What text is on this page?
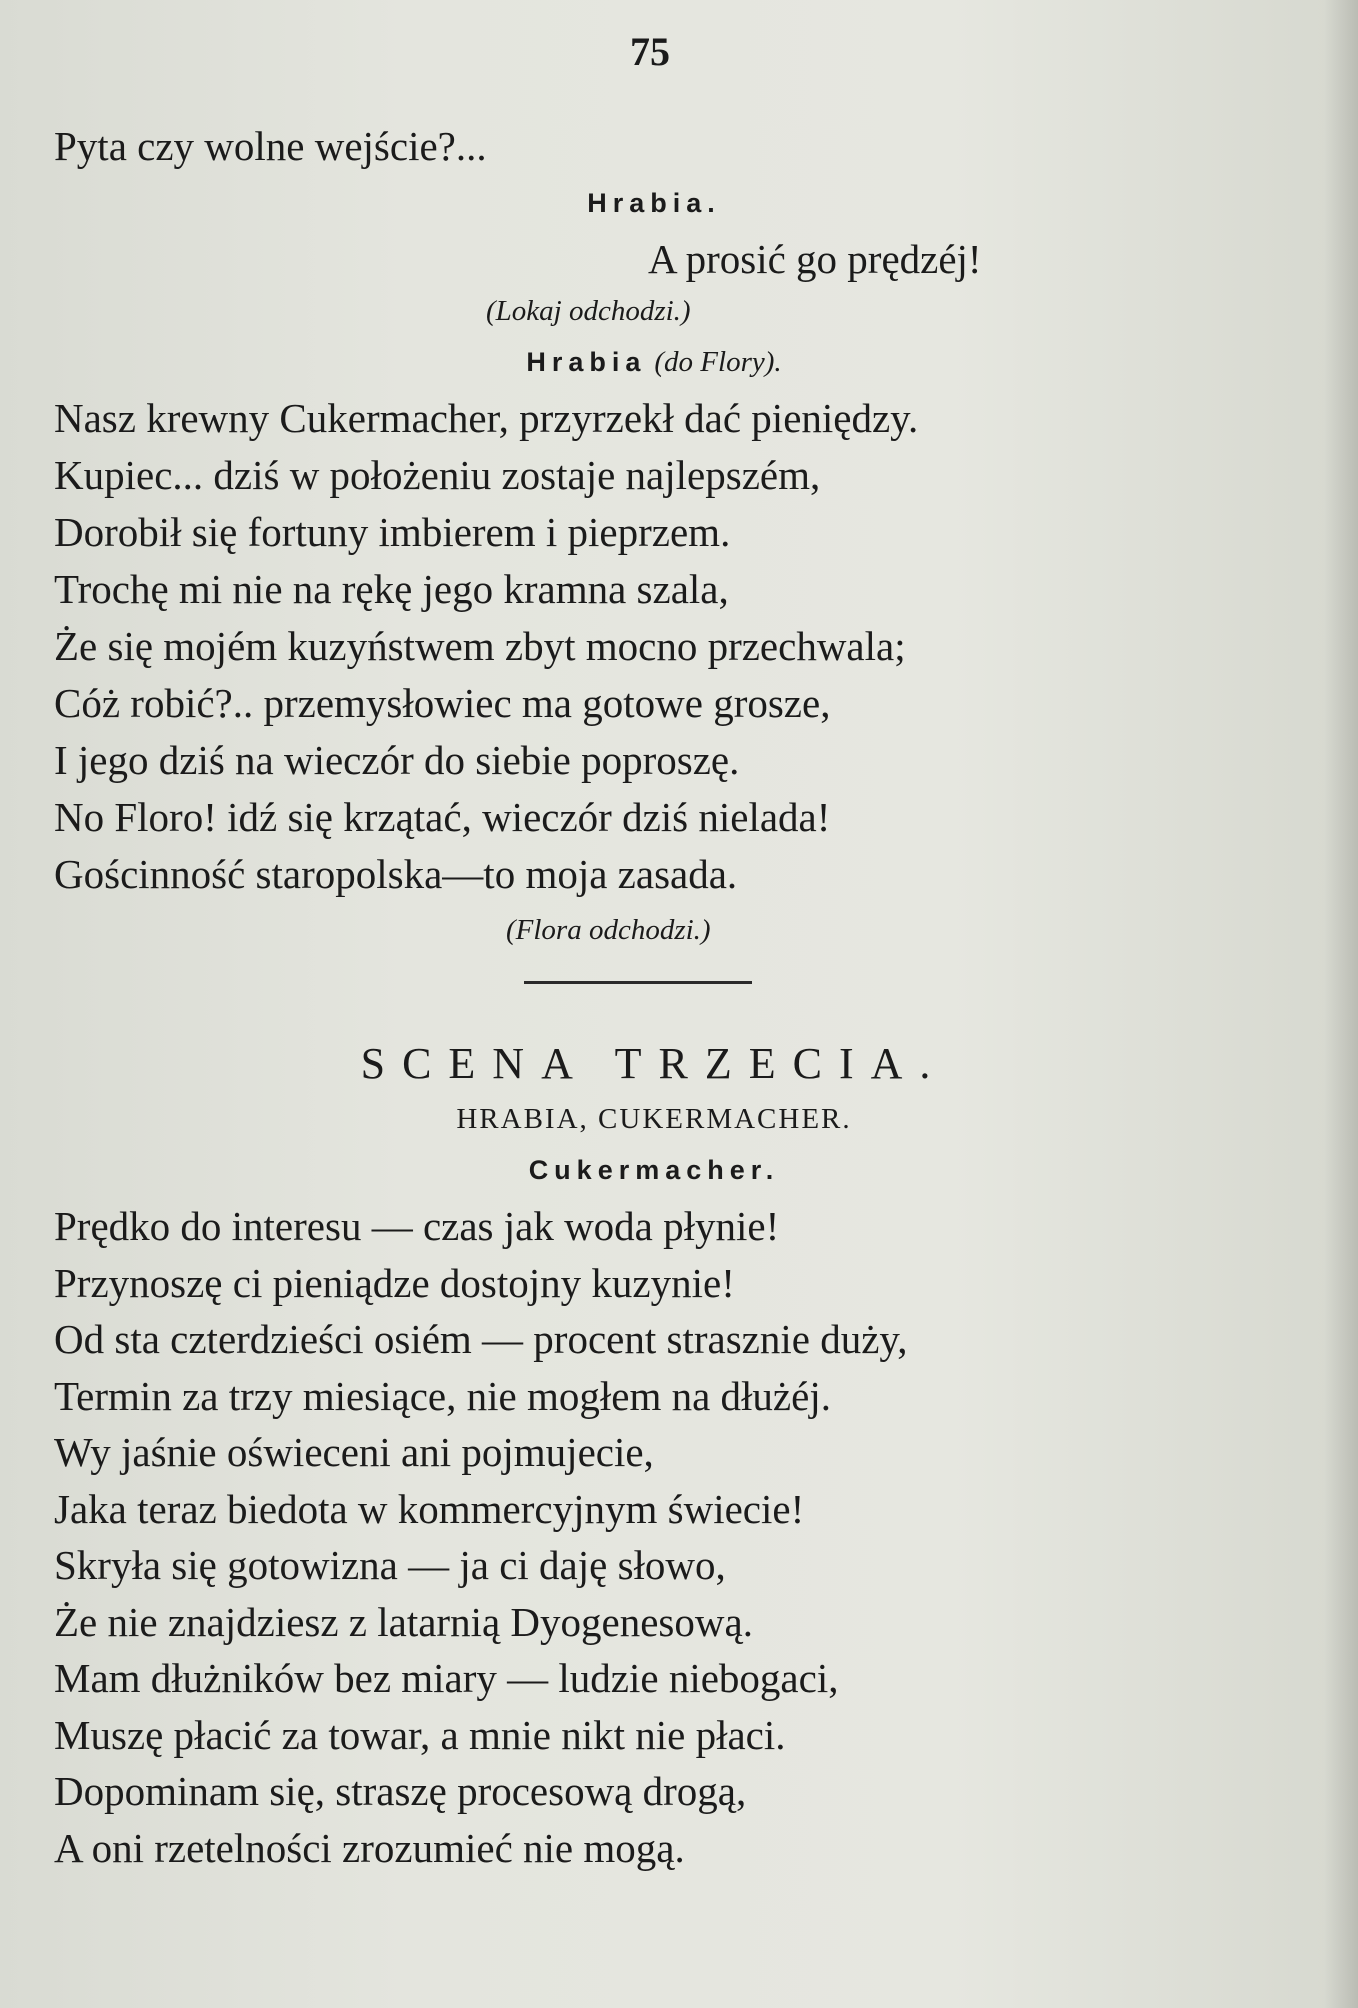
75
Pyta czy wolne wejście?...
Hrabia.
A prosić go prędzéj!
(Lokaj odchodzi.)
Hrabia (do Flory).
Nasz krewny Cukermacher, przyrzekł dać pieniędzy.
Kupiec... dziś w położeniu zostaje najlepszém,
Dorobił się fortuny imbierem i pieprzem.
Trochę mi nie na rękę jego kramna szala,
Że się mojém kuzyństwem zbyt mocno przechwala;
Cóż robić?.. przemysłowiec ma gotowe grosze,
I jego dziś na wieczór do siebie poproszę.
No Floro! idź się krzątać, wieczór dziś nielada!
Gościnność staropolska—to moja zasada.
(Flora odchodzi.)
SCENA TRZECIA.
HRABIA, CUKERMACHER.
Cukermacher.
Prędko do interesu — czas jak woda płynie!
Przynoszę ci pieniądze dostojny kuzynie!
Od sta czterdzieści osiém — procent strasznie duży,
Termin za trzy miesiące, nie mogłem na dłużéj.
Wy jaśnie oświeceni ani pojmujecie,
Jaka teraz biedota w kommercyjnym świecie!
Skryła się gotowizna — ja ci daję słowo,
Że nie znajdziesz z latarnią Dyogenesową.
Mam dłużników bez miary — ludzie niebogaci,
Muszę płacić za towar, a mnie nikt nie płaci.
Dopominam się, straszę procesową drogą,
A oni rzetelności zrozumieć nie mogą.
